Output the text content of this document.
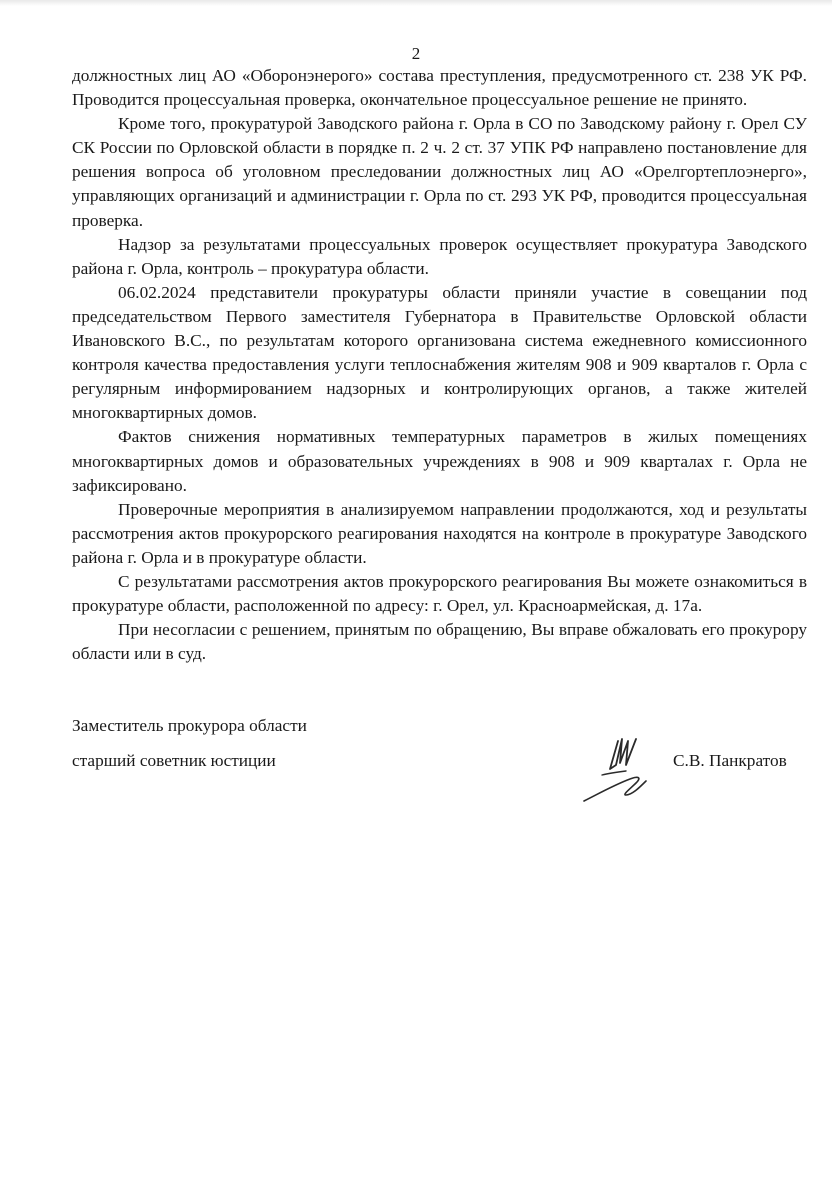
2

должностных лиц АО «Оборонэнерого» состава преступления, предусмотренного ст. 238 УК РФ. Проводится процессуальная проверка, окончательное процессуальное решение не принято.

Кроме того, прокуратурой Заводского района г. Орла в СО по Заводскому району г. Орел СУ СК России по Орловской области в порядке п. 2 ч. 2 ст. 37 УПК РФ направлено постановление для решения вопроса об уголовном преследовании должностных лиц АО «Орелгортеплоэнерго», управляющих организаций и администрации г. Орла по ст. 293 УК РФ, проводится процессуальная проверка.

Надзор за результатами процессуальных проверок осуществляет прокуратура Заводского района г. Орла, контроль – прокуратура области.

06.02.2024 представители прокуратуры области приняли участие в совещании под председательством Первого заместителя Губернатора в Правительстве Орловской области Ивановского В.С., по результатам которого организована система ежедневного комиссионного контроля качества предоставления услуги теплоснабжения жителям 908 и 909 кварталов г. Орла с регулярным информированием надзорных и контролирующих органов, а также жителей многоквартирных домов.

Фактов снижения нормативных температурных параметров в жилых помещениях многоквартирных домов и образовательных учреждениях в 908 и 909 кварталах г. Орла не зафиксировано.

Проверочные мероприятия в анализируемом направлении продолжаются, ход и результаты рассмотрения актов прокурорского реагирования находятся на контроле в прокуратуре Заводского района г. Орла и в прокуратуре области.

С результатами рассмотрения актов прокурорского реагирования Вы можете ознакомиться в прокуратуре области, расположенной по адресу: г. Орел, ул. Красноармейская, д. 17а.

При несогласии с решением, принятым по обращению, Вы вправе обжаловать его прокурору области или в суд.

Заместитель прокурора области
старший советник юстиции	С.В. Панкратов
